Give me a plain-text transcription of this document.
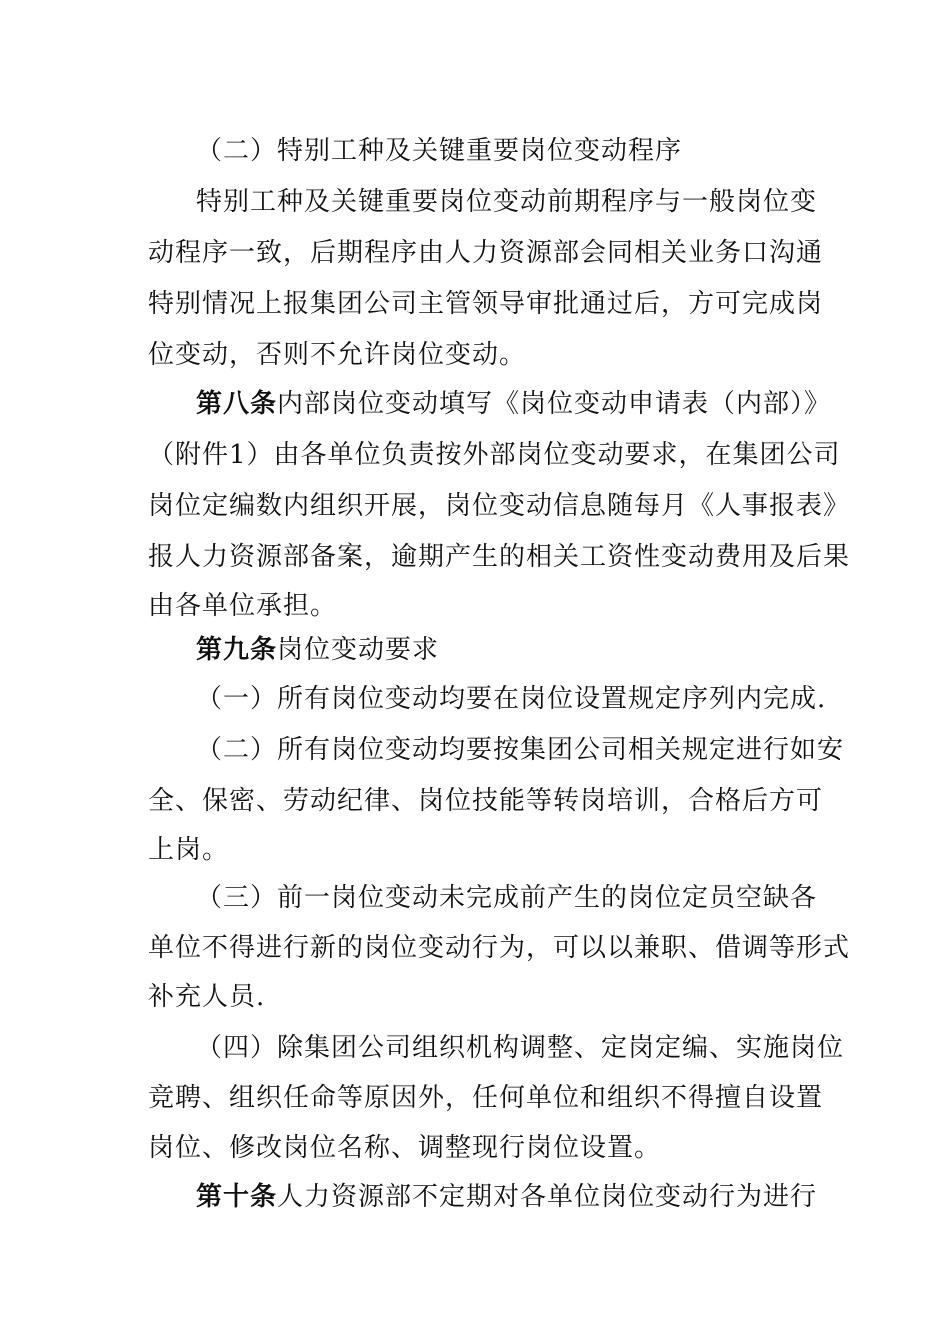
（二）特别工种及关键重要岗位变动程序
特别工种及关键重要岗位变动前期程序与一般岗位变
动程序一致，后期程序由人力资源部会同相关业务口沟通
特别情况上报集团公司主管领导审批通过后，方可完成岗
位变动，否则不允许岗位变动。
第八条内部岗位变动填写《岗位变动申请表（内部）》
（附件1）由各单位负责按外部岗位变动要求，在集团公司
岗位定编数内组织开展，岗位变动信息随每月《人事报表》
报人力资源部备案，逾期产生的相关工资性变动费用及后果
由各单位承担。
第九条岗位变动要求
（一）所有岗位变动均要在岗位设置规定序列内完成.
（二）所有岗位变动均要按集团公司相关规定进行如安
全、保密、劳动纪律、岗位技能等转岗培训，合格后方可
上岗。
（三）前一岗位变动未完成前产生的岗位定员空缺各
单位不得进行新的岗位变动行为，可以以兼职、借调等形式
补充人员.
（四）除集团公司组织机构调整、定岗定编、实施岗位
竞聘、组织任命等原因外，任何单位和组织不得擅自设置
岗位、修改岗位名称、调整现行岗位设置。
第十条人力资源部不定期对各单位岗位变动行为进行
